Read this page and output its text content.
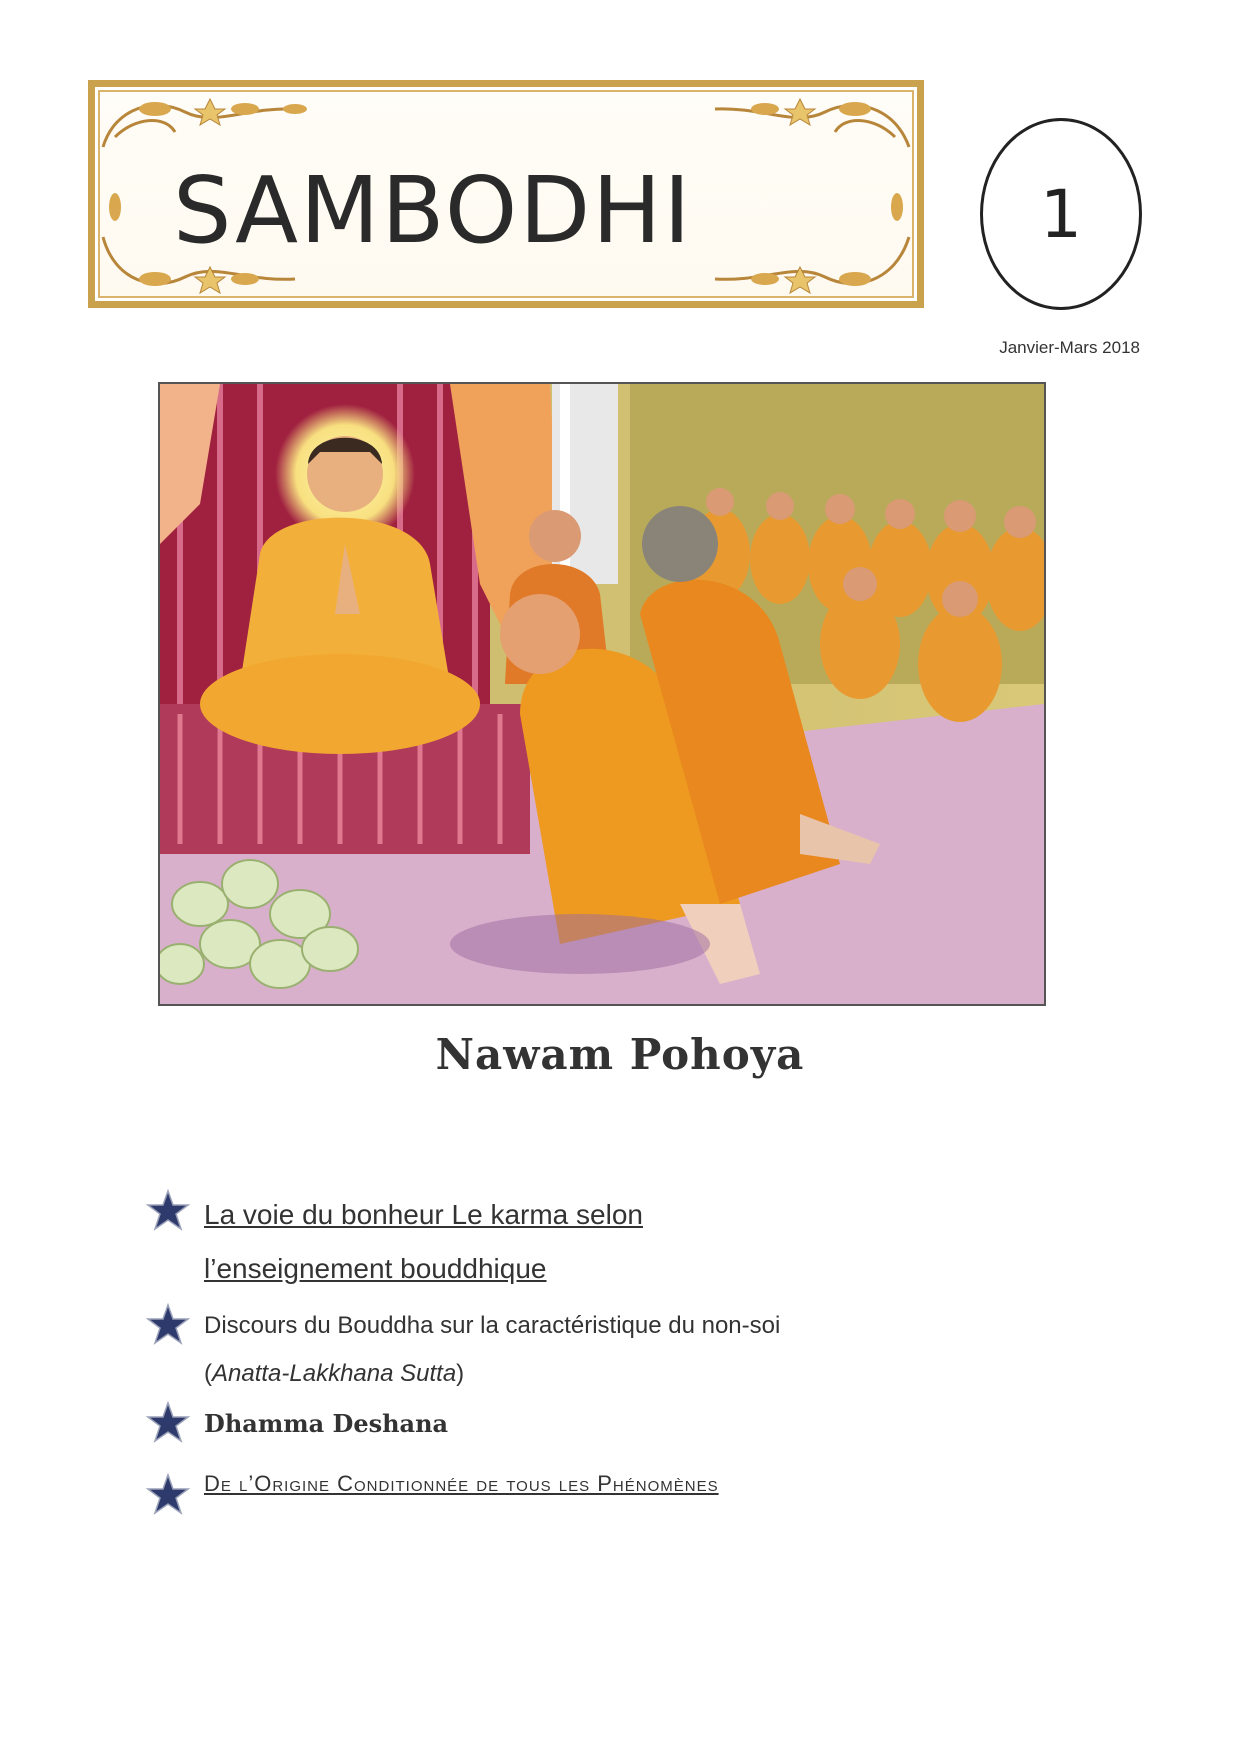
SAMBODHI	1
Janvier-Mars 2018
Nawam Pohoya
La voie du bonheur Le karma selon
l’enseignement bouddhique
Discours du Bouddha sur la caractéristique du non-soi
(Anatta-Lakkhana Sutta)
Dhamma Deshana
De l’Origine Conditionnée de tous les Phénomènes
